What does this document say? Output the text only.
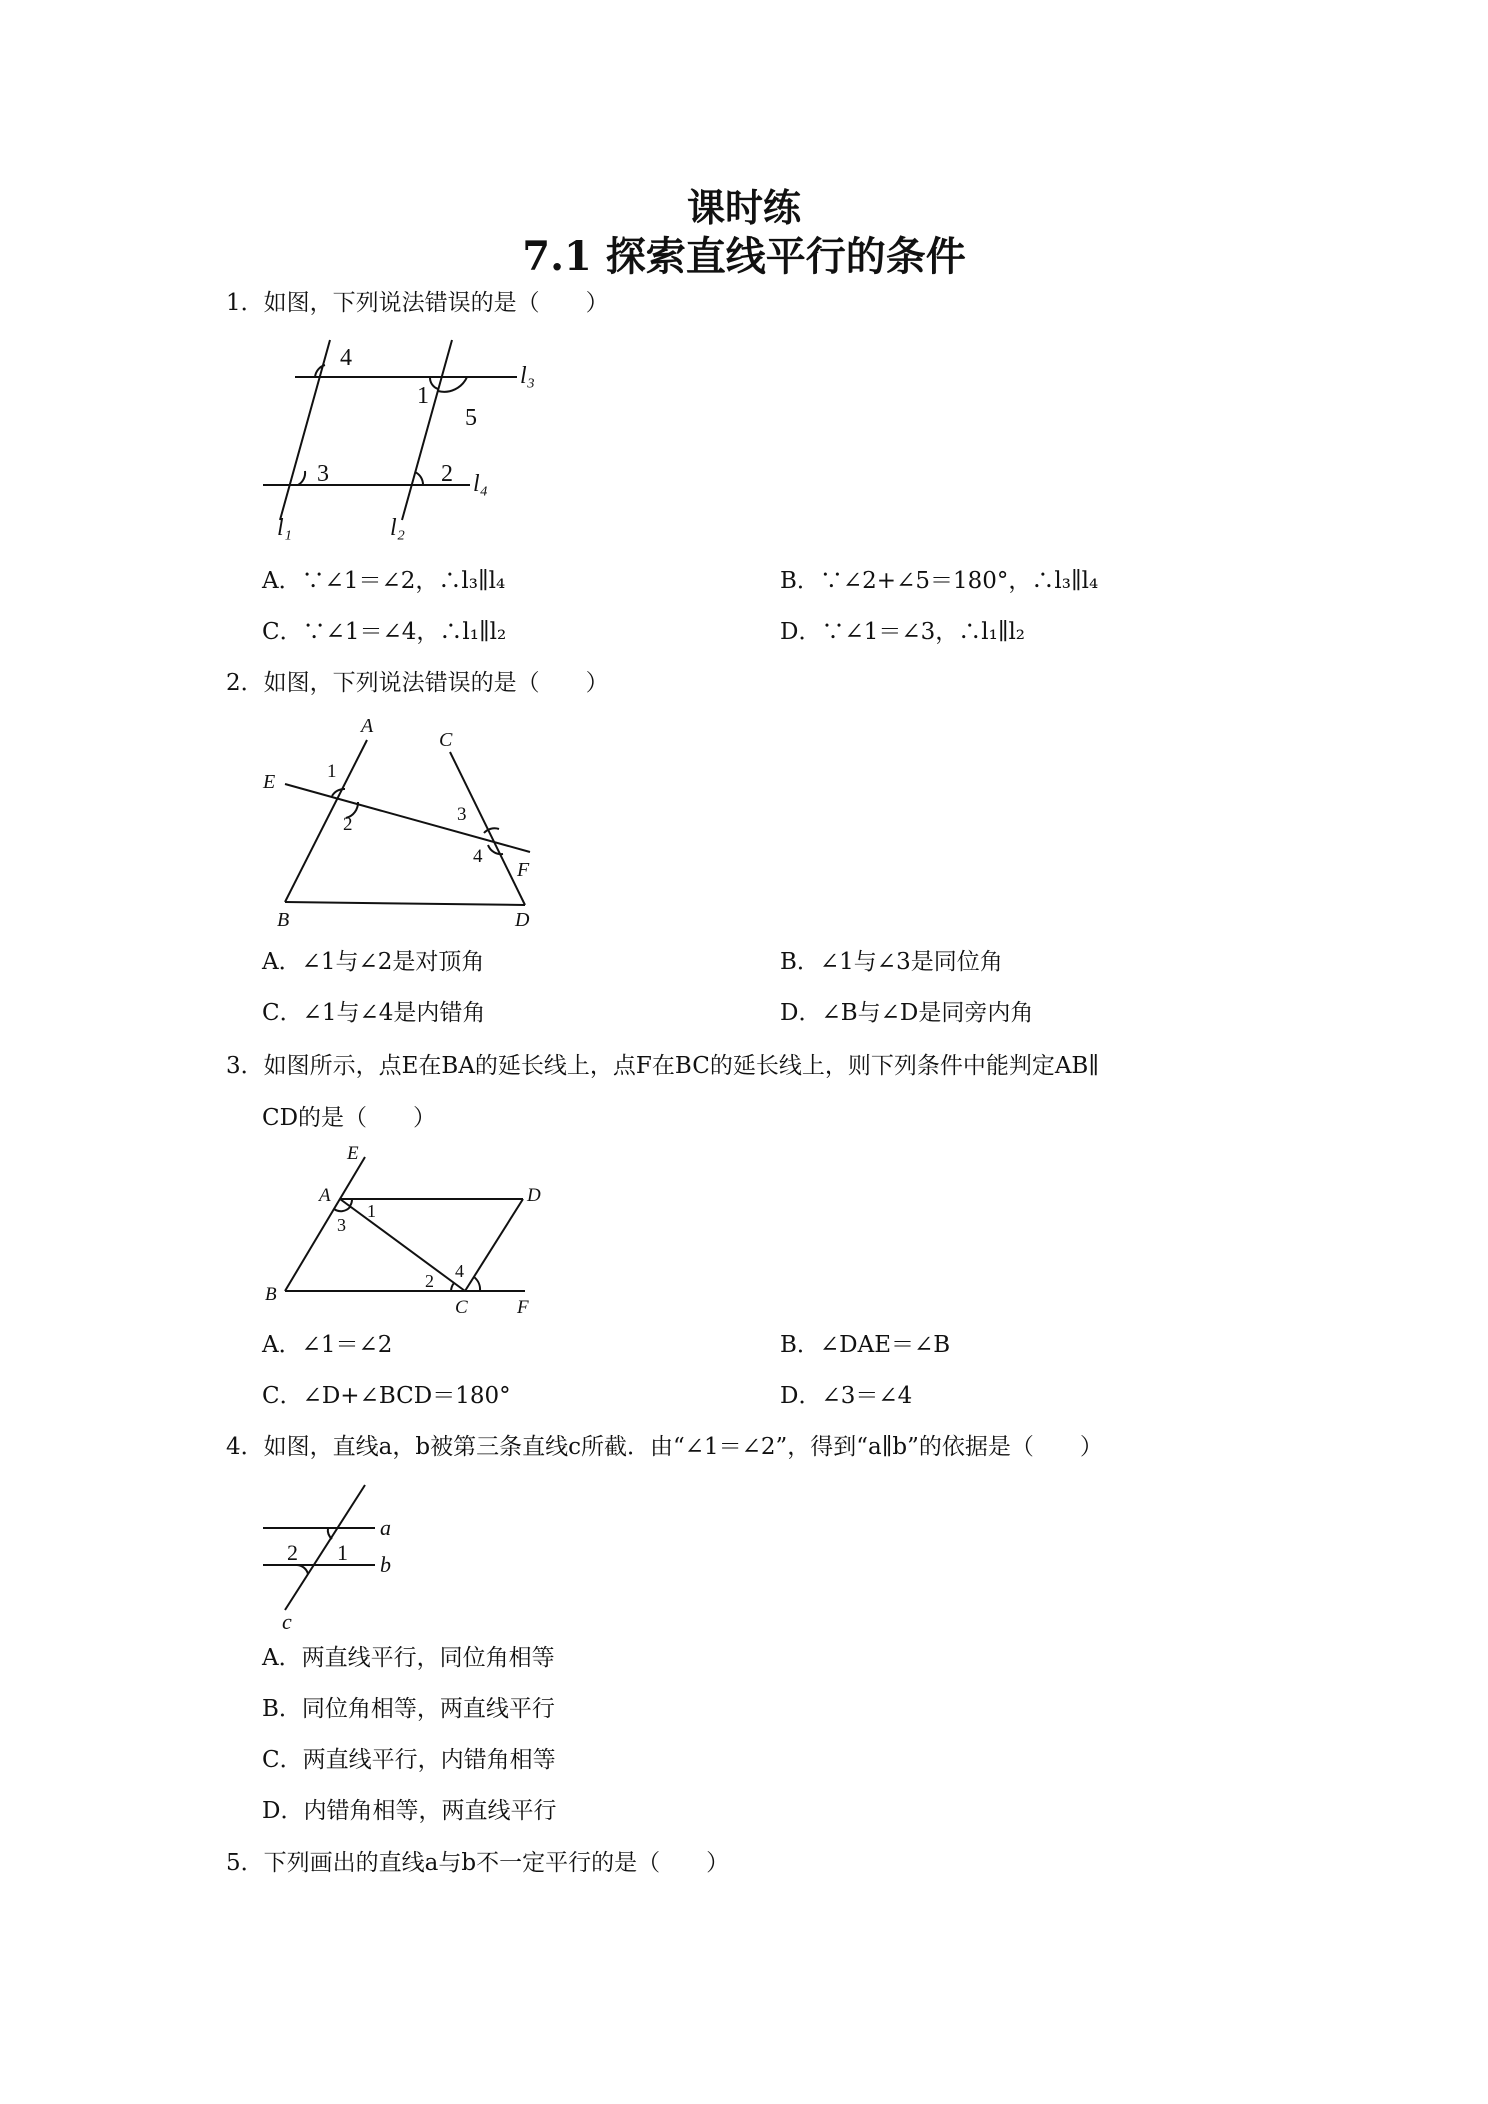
课时练
7.1 探索直线平行的条件
1．如图，下列说法错误的是（　　）
4
1
5
3	2
l₃
l₄
l₁	l₂
A．∵∠1＝∠2，∴l₃∥l₄	B．∵∠2+∠5＝180°，∴l₃∥l₄
C．∵∠1＝∠4，∴l₁∥l₂	D．∵∠1＝∠3，∴l₁∥l₂
2．如图，下列说法错误的是（　　）
A
C
E
F
B	D
1
2	3
4
A．∠1与∠2是对顶角	B．∠1与∠3是同位角
C．∠1与∠4是内错角	D．∠B与∠D是同旁内角
3．如图所示，点E在BA的延长线上，点F在BC的延长线上，则下列条件中能判定AB∥
CD的是（　　）
E
A	D
B
C	F
1
3
2 4
A．∠1＝∠2	B．∠DAE＝∠B
C．∠D+∠BCD＝180°	D．∠3＝∠4
4．如图，直线a，b被第三条直线c所截．由“∠1＝∠2”，得到“a∥b”的依据是（　　）
a
b
c
2 1
A．两直线平行，同位角相等
B．同位角相等，两直线平行
C．两直线平行，内错角相等
D．内错角相等，两直线平行
5．下列画出的直线a与b不一定平行的是（　　）
